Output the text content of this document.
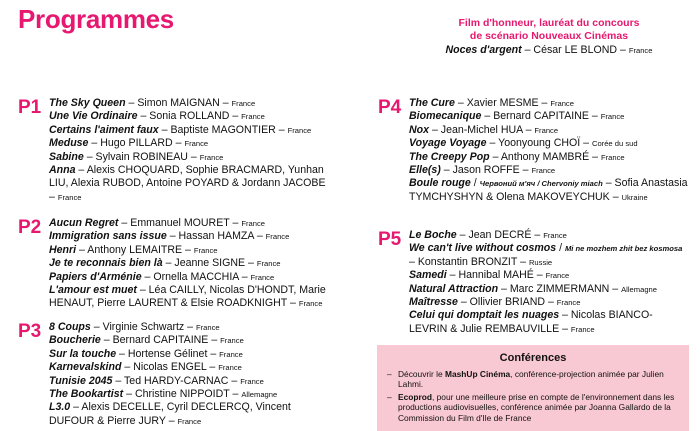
Programmes	Film d'honneur, lauréat du concours
de scénario Nouveaux Cinémas
Noces d'argent – César LE BLOND – France
P1 The Sky Queen – Simon MAIGNAN – France
Une Vie Ordinaire – Sonia ROLLAND – France
Certains l'aiment faux – Baptiste MAGONTIER – France
Meduse – Hugo PILLARD – France
Sabine – Sylvain ROBINEAU – France
Anna – Alexis CHOQUARD, Sophie BRACMARD, Yunhan LIU, Alexia RUBOD, Antoine POYARD & Jordann JACOBE – France
P2 Aucun Regret – Emmanuel MOURET – France
Immigration sans issue – Hassan HAMZA – France
Henri – Anthony LEMAITRE – France
Je te reconnais bien là – Jeanne SIGNE – France
Papiers d'Arménie – Ornella MACCHIA – France
L'amour est muet – Léa CAILLY, Nicolas D'HONDT, Marie HENAUT, Pierre LAURENT & Elsie ROADKNIGHT – France
P3 8 Coups – Virginie Schwartz – France
Boucherie – Bernard CAPITAINE – France
Sur la touche – Hortense Gélinet – France
Karnevalskind – Nicolas ENGEL – France
Tunisie 2045 – Ted HARDY-CARNAC – France
The Bookartist – Christine NIPPOIDT – Allemagne
L3.0 – Alexis DECELLE, Cyril DECLERCQ, Vincent DUFOUR & Pierre JURY – France
P4 The Cure – Xavier MESME – France
Biomecanique – Bernard CAPITAINE – France
Nox – Jean-Michel HUA – France
Voyage Voyage – Yoonyoung CHOÏ – Corée du sud
The Creepy Pop – Anthony MAMBRÉ – France
Elle(s) – Jason ROFFE – France
Boule rouge / Червоний м'яч / Chervoniy miach – Sofia Anastasia TYMCHYSHYN & Olena MAKOVEYCHUK – Ukraine
P5 Le Boche – Jean DECRÉ – France
We can't live without cosmos / Mi ne mozhem zhit bez kosmosa – Konstantin BRONZIT – Russie
Samedi – Hannibal MAHÉ – France
Natural Attraction – Marc ZIMMERMANN – Allemagne
Maîtresse – Ollivier BRIAND – France
Celui qui domptait les nuages – Nicolas BIANCO-LEVRIN & Julie REMBAUVILLE – France
Conférences
– Découvrir le MashUp Cinéma, conférence-projection animée par Julien Lahmi.
– Ecoprod, pour une meilleure prise en compte de l'environnement dans les productions audiovisuelles, conférence animée par Joanna Gallardo de la Commission du Film d'Ile de France
